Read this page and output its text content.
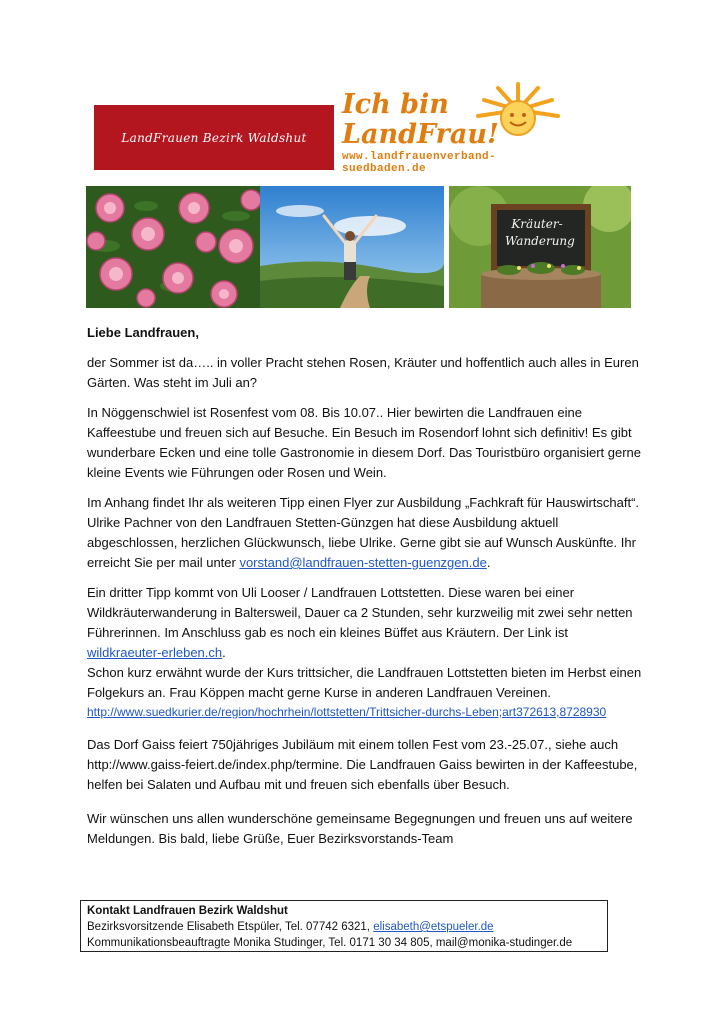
LandFrauen Bezirk Waldshut
Ich bin
LandFrau!
www.landfrauenverband-suedbaden.de
Kräuter-
Wanderung

Liebe Landfrauen,

der Sommer ist da….. in voller Pracht stehen Rosen, Kräuter und hoffentlich auch alles in Euren Gärten. Was steht im Juli an?

In Nöggenschwiel ist Rosenfest vom 08. Bis 10.07.. Hier bewirten die Landfrauen eine Kaffeestube und freuen sich auf Besuche. Ein Besuch im Rosendorf lohnt sich definitiv! Es gibt wunderbare Ecken und eine tolle Gastronomie in diesem Dorf. Das Touristbüro organisiert gerne kleine Events wie Führungen oder Rosen und Wein.

Im Anhang findet Ihr als weiteren Tipp einen Flyer zur Ausbildung „Fachkraft für Hauswirtschaft“. Ulrike Pachner von den Landfrauen Stetten-Günzgen hat diese Ausbildung aktuell abgeschlossen, herzlichen Glückwunsch, liebe Ulrike. Gerne gibt sie auf Wunsch Auskünfte. Ihr erreicht Sie per mail unter vorstand@landfrauen-stetten-guenzgen.de.

Ein dritter Tipp kommt von Uli Looser / Landfrauen Lottstetten. Diese waren bei einer Wildkräuterwanderung in Baltersweil, Dauer ca 2 Stunden, sehr kurzweilig mit zwei sehr netten Führerinnen. Im Anschluss gab es noch ein kleines Büffet aus Kräutern. Der Link ist wildkraeuter-erleben.ch.

Schon kurz erwähnt wurde der Kurs trittsicher, die Landfrauen Lottstetten bieten im Herbst einen Folgekurs an. Frau Köppen macht gerne Kurse in anderen Landfrauen Vereinen.

http://www.suedkurier.de/region/hochrhein/lottstetten/Trittsicher-durchs-Leben;art372613,8728930

Das Dorf Gaiss feiert 750jähriges Jubiläum mit einem tollen Fest vom 23.-25.07., siehe auch http://www.gaiss-feiert.de/index.php/termine. Die Landfrauen Gaiss bewirten in der Kaffeestube, helfen bei Salaten und Aufbau mit und freuen sich ebenfalls über Besuch.

Wir wünschen uns allen wunderschöne gemeinsame Begegnungen und freuen uns auf weitere Meldungen. Bis bald, liebe Grüße, Euer Bezirksvorstands-Team

Kontakt Landfrauen Bezirk Waldshut
Bezirksvorsitzende Elisabeth Etspüler, Tel. 07742 6321, elisabeth@etspueler.de
Kommunikationsbeauftragte Monika Studinger, Tel. 0171 30 34 805, mail@monika-studinger.de
